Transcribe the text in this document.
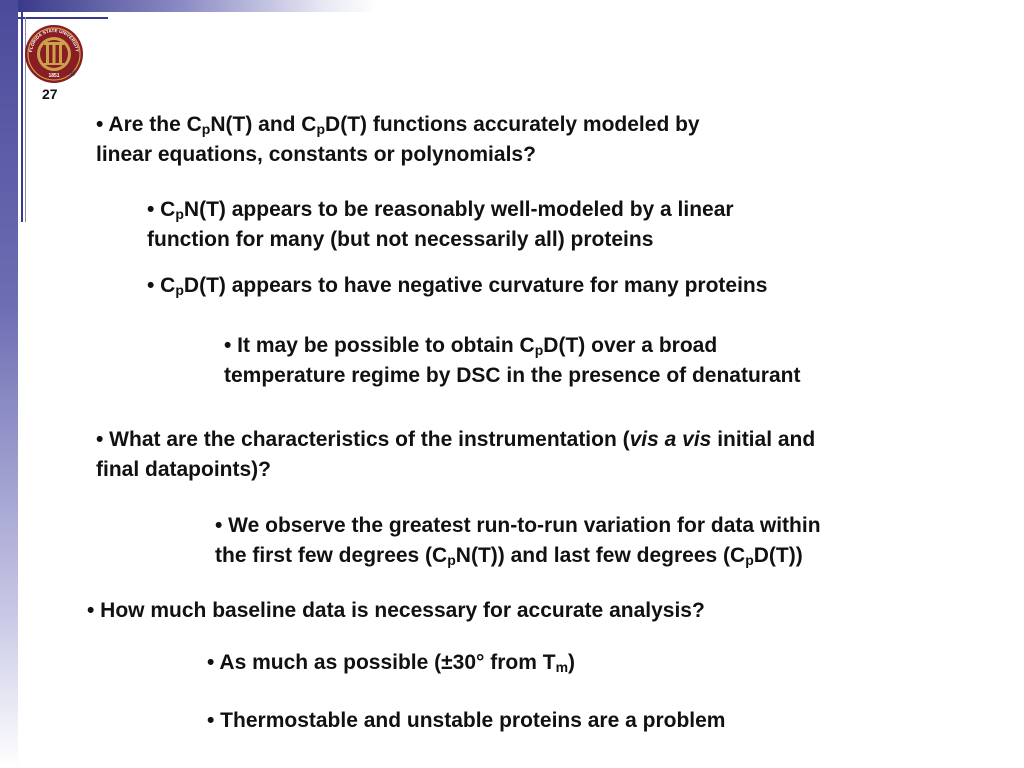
1851
FLORIDA STATE UNIVERSITY
®
27
• Are the $C_pN(T)$ and $C_pD(T)$ functions accurately modeled by
linear equations, constants or polynomials?
• $C_pN(T)$ appears to be reasonably well-modeled by a linear
function for many (but not necessarily all) proteins
• $C_pD(T)$ appears to have negative curvature for many proteins
• It may be possible to obtain $C_pD(T)$ over a broad
temperature regime by DSC in the presence of denaturant
• What are the characteristics of the instrumentation (vis a vis initial and
final datapoints)?
• We observe the greatest run-to-run variation for data within
the first few degrees $(C_pN(T))$ and last few degrees $(C_pD(T))$
• How much baseline data is necessary for accurate analysis?
• As much as possible (±30° from $T_m$)
• Thermostable and unstable proteins are a problem
